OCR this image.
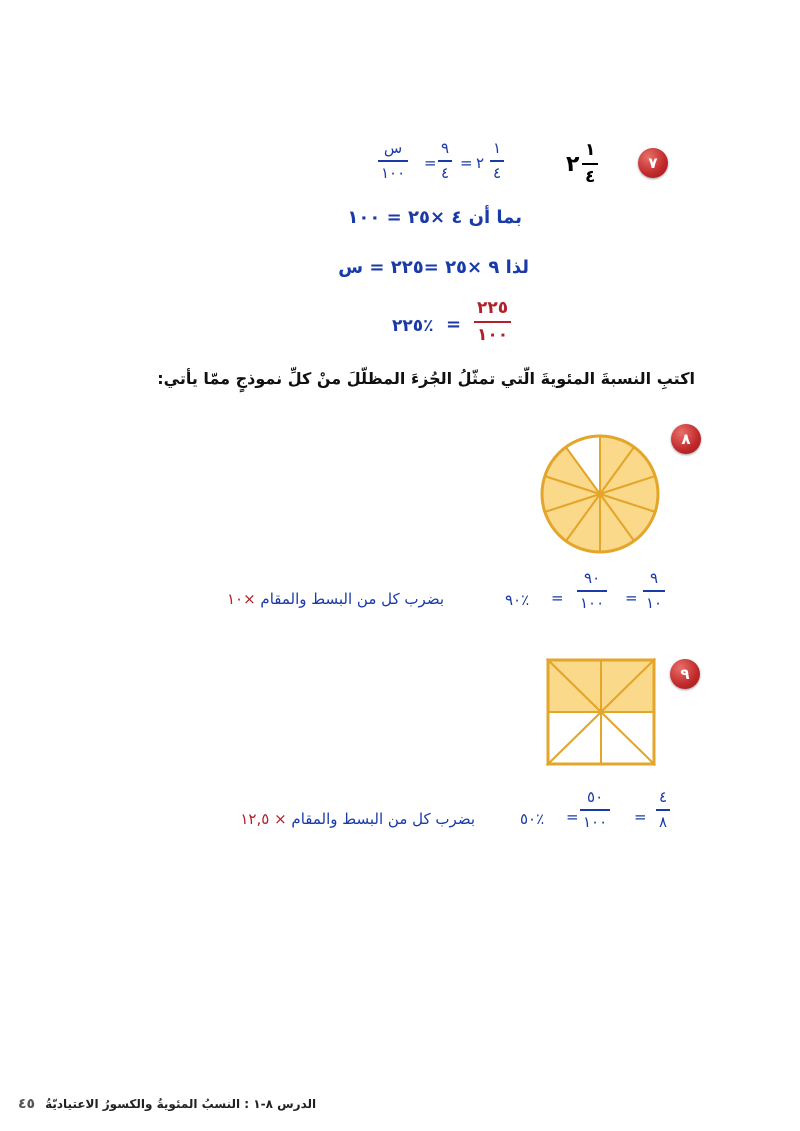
٧
٢
١
٤
س
١٠٠
=
٩
٤
= ٢
١
٤
بما أن ٤ ×٢٥ = ١٠٠
لذا ٩ ×٢٥ =٢٢٥ = س
٢٢٥٪ =
٢٢٥
١٠٠
اكتبِ النسبةَ المئويةَ الّتي تمثّلُ الجُزءَ المظلّلَ منْ كلِّ نموذجٍ ممّا يأتي:
٨
٩٠٪ =
٩٠
١٠٠ =
٩
١٠
بضرب كل من البسط والمقام ×١٠
٩
٥٠٪ =
٥٠
١٠٠ =
٤
٨
بضرب كل من البسط والمقام × ١٢,٥
٤٥ الدرس ٨-١ : النسبُ المئويةُ والكسورُ الاعتياديّةُ
